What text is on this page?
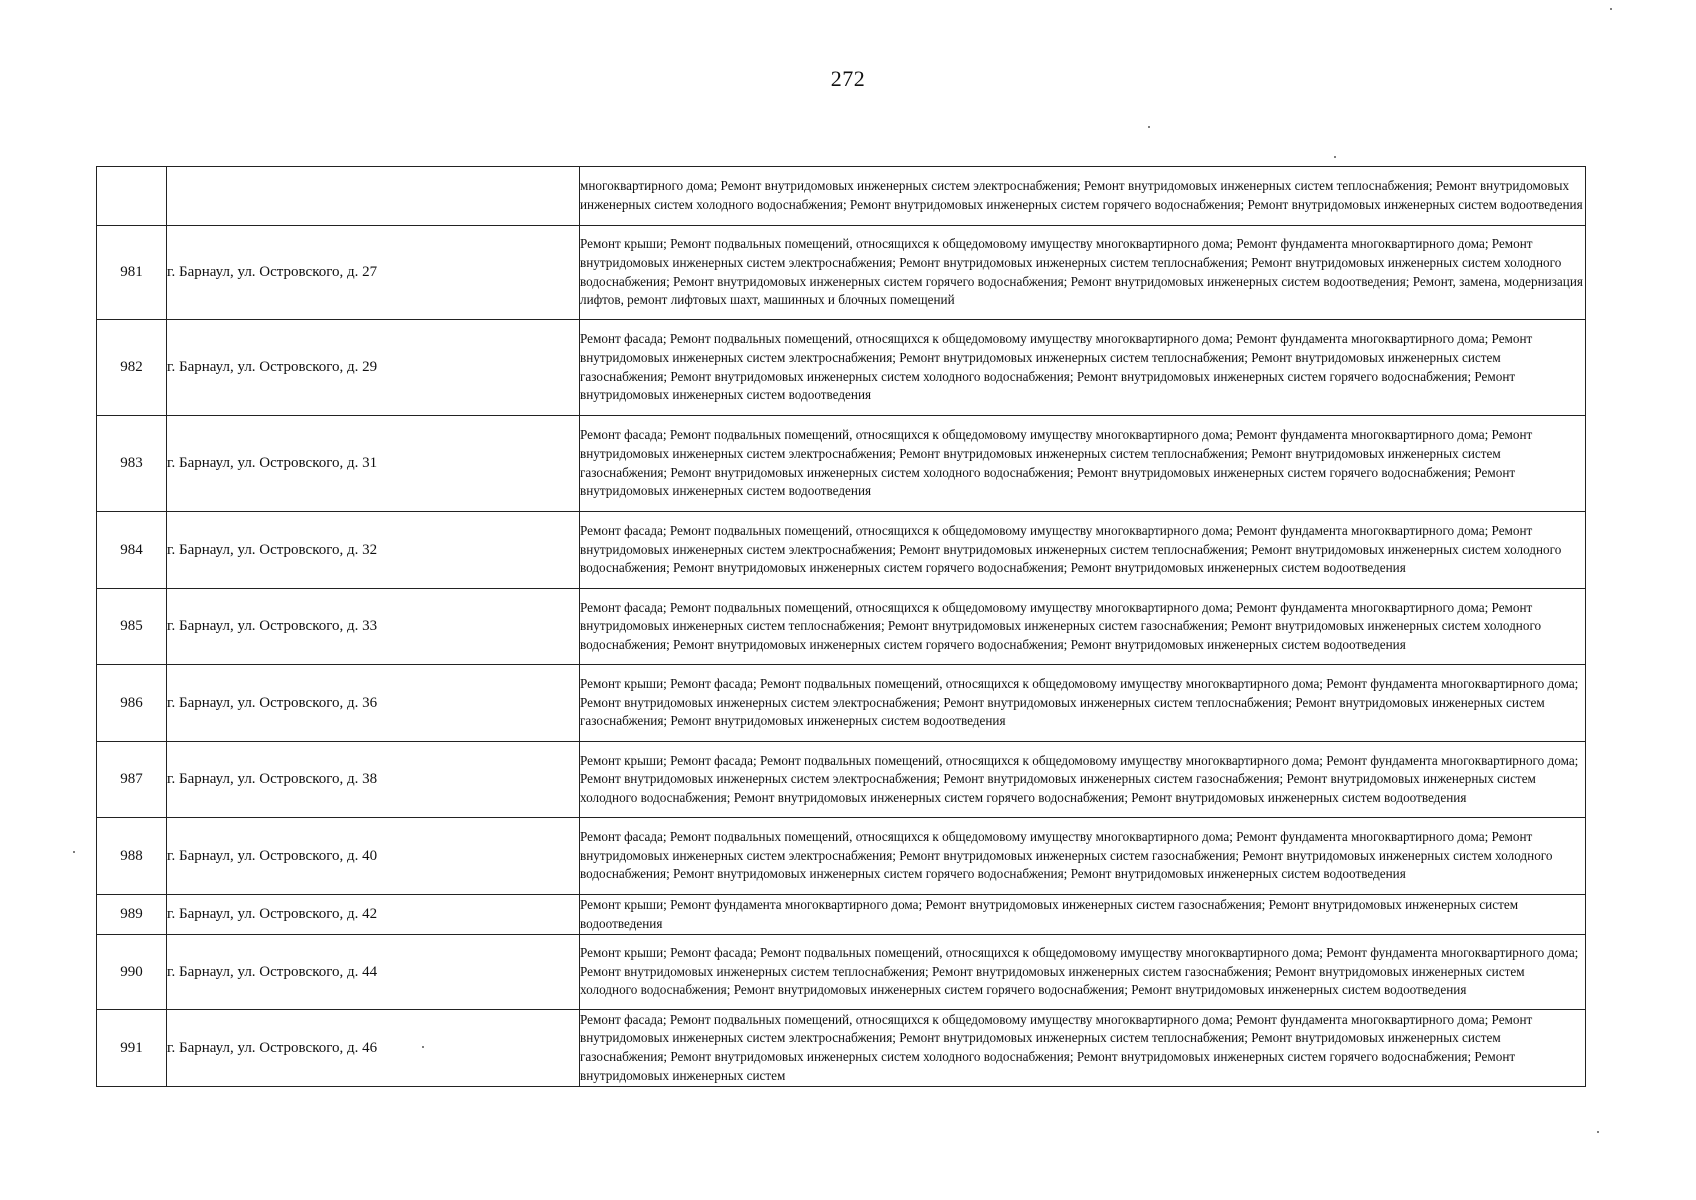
272
		многоквартирного дома; Ремонт внутридомовых инженерных систем электроснабжения; Ремонт внутридомовых инженерных систем теплоснабжения; Ремонт внутридомовых инженерных систем холодного водоснабжения; Ремонт внутридомовых инженерных систем горячего водоснабжения; Ремонт внутридомовых инженерных систем водоотведения
981	г. Барнаул, ул. Островского, д. 27	Ремонт крыши; Ремонт подвальных помещений, относящихся к общедомовому имуществу многоквартирного дома; Ремонт фундамента многоквартирного дома; Ремонт внутридомовых инженерных систем электроснабжения; Ремонт внутридомовых инженерных систем теплоснабжения; Ремонт внутридомовых инженерных систем холодного водоснабжения; Ремонт внутридомовых инженерных систем горячего водоснабжения; Ремонт внутридомовых инженерных систем водоотведения; Ремонт, замена, модернизация лифтов, ремонт лифтовых шахт, машинных и блочных помещений
982	г. Барнаул, ул. Островского, д. 29	Ремонт фасада; Ремонт подвальных помещений, относящихся к общедомовому имуществу многоквартирного дома; Ремонт фундамента многоквартирного дома; Ремонт внутридомовых инженерных систем электроснабжения; Ремонт внутридомовых инженерных систем теплоснабжения; Ремонт внутридомовых инженерных систем газоснабжения; Ремонт внутридомовых инженерных систем холодного водоснабжения; Ремонт внутридомовых инженерных систем горячего водоснабжения; Ремонт внутридомовых инженерных систем водоотведения
983	г. Барнаул, ул. Островского, д. 31	Ремонт фасада; Ремонт подвальных помещений, относящихся к общедомовому имуществу многоквартирного дома; Ремонт фундамента многоквартирного дома; Ремонт внутридомовых инженерных систем электроснабжения; Ремонт внутридомовых инженерных систем теплоснабжения; Ремонт внутридомовых инженерных систем газоснабжения; Ремонт внутридомовых инженерных систем холодного водоснабжения; Ремонт внутридомовых инженерных систем горячего водоснабжения; Ремонт внутридомовых инженерных систем водоотведения
984	г. Барнаул, ул. Островского, д. 32	Ремонт фасада; Ремонт подвальных помещений, относящихся к общедомовому имуществу многоквартирного дома; Ремонт фундамента многоквартирного дома; Ремонт внутридомовых инженерных систем электроснабжения; Ремонт внутридомовых инженерных систем теплоснабжения; Ремонт внутридомовых инженерных систем холодного водоснабжения; Ремонт внутридомовых инженерных систем горячего водоснабжения; Ремонт внутридомовых инженерных систем водоотведения
985	г. Барнаул, ул. Островского, д. 33	Ремонт фасада; Ремонт подвальных помещений, относящихся к общедомовому имуществу многоквартирного дома; Ремонт фундамента многоквартирного дома; Ремонт внутридомовых инженерных систем теплоснабжения; Ремонт внутридомовых инженерных систем газоснабжения; Ремонт внутридомовых инженерных систем холодного водоснабжения; Ремонт внутридомовых инженерных систем горячего водоснабжения; Ремонт внутридомовых инженерных систем водоотведения
986	г. Барнаул, ул. Островского, д. 36	Ремонт крыши; Ремонт фасада; Ремонт подвальных помещений, относящихся к общедомовому имуществу многоквартирного дома; Ремонт фундамента многоквартирного дома; Ремонт внутридомовых инженерных систем электроснабжения; Ремонт внутридомовых инженерных систем теплоснабжения; Ремонт внутридомовых инженерных систем газоснабжения; Ремонт внутридомовых инженерных систем водоотведения
987	г. Барнаул, ул. Островского, д. 38	Ремонт крыши; Ремонт фасада; Ремонт подвальных помещений, относящихся к общедомовому имуществу многоквартирного дома; Ремонт фундамента многоквартирного дома; Ремонт внутридомовых инженерных систем электроснабжения; Ремонт внутридомовых инженерных систем газоснабжения; Ремонт внутридомовых инженерных систем холодного водоснабжения; Ремонт внутридомовых инженерных систем горячего водоснабжения; Ремонт внутридомовых инженерных систем водоотведения
988	г. Барнаул, ул. Островского, д. 40	Ремонт фасада; Ремонт подвальных помещений, относящихся к общедомовому имуществу многоквартирного дома; Ремонт фундамента многоквартирного дома; Ремонт внутридомовых инженерных систем электроснабжения; Ремонт внутридомовых инженерных систем газоснабжения; Ремонт внутридомовых инженерных систем холодного водоснабжения; Ремонт внутридомовых инженерных систем горячего водоснабжения; Ремонт внутридомовых инженерных систем водоотведения
989	г. Барнаул, ул. Островского, д. 42	Ремонт крыши; Ремонт фундамента многоквартирного дома; Ремонт внутридомовых инженерных систем газоснабжения; Ремонт внутридомовых инженерных систем водоотведения
990	г. Барнаул, ул. Островского, д. 44	Ремонт крыши; Ремонт фасада; Ремонт подвальных помещений, относящихся к общедомовому имуществу многоквартирного дома; Ремонт фундамента многоквартирного дома; Ремонт внутридомовых инженерных систем теплоснабжения; Ремонт внутридомовых инженерных систем газоснабжения; Ремонт внутридомовых инженерных систем холодного водоснабжения; Ремонт внутридомовых инженерных систем горячего водоснабжения; Ремонт внутридомовых инженерных систем водоотведения
991	г. Барнаул, ул. Островского, д. 46	Ремонт фасада; Ремонт подвальных помещений, относящихся к общедомовому имуществу многоквартирного дома; Ремонт фундамента многоквартирного дома; Ремонт внутридомовых инженерных систем электроснабжения; Ремонт внутридомовых инженерных систем теплоснабжения; Ремонт внутридомовых инженерных систем газоснабжения; Ремонт внутридомовых инженерных систем холодного водоснабжения; Ремонт внутридомовых инженерных систем горячего водоснабжения; Ремонт внутридомовых инженерных систем
